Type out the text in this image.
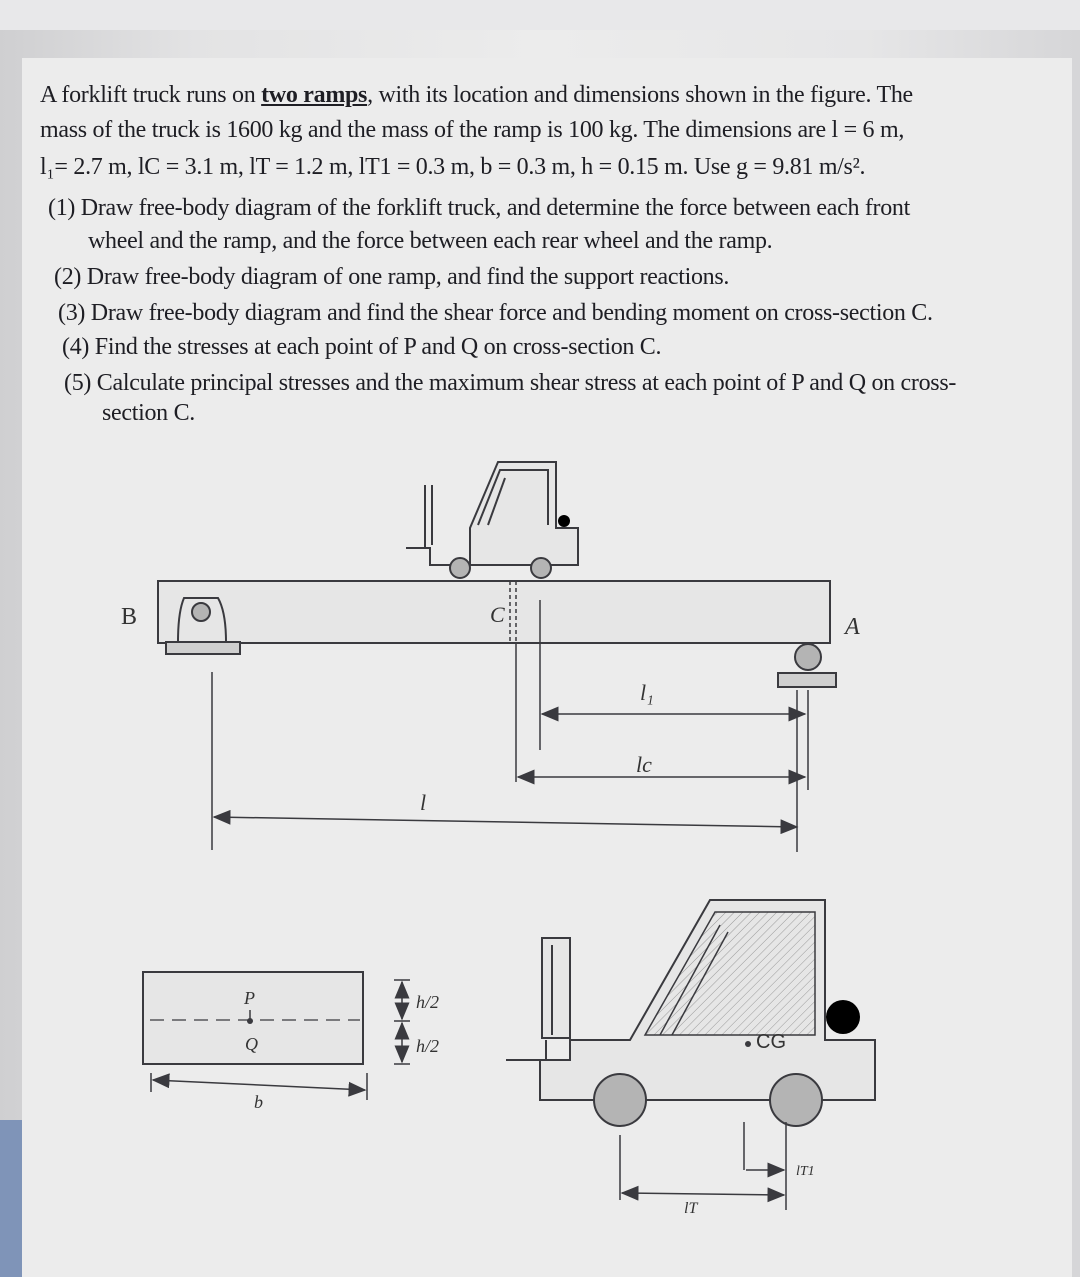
A forklift truck runs on two ramps, with its location and dimensions shown in the figure. The
mass of the truck is 1600 kg and the mass of the ramp is 100 kg. The dimensions are l = 6 m,
l₁= 2.7 m, lC = 3.1 m, lT = 1.2 m, lT1 = 0.3 m, b = 0.3 m, h = 0.15 m. Use g = 9.81 m/s².
(1) Draw free-body diagram of the forklift truck, and determine the force between each front
wheel and the ramp, and the force between each rear wheel and the ramp.
(2) Draw free-body diagram of one ramp, and find the support reactions.
(3) Draw free-body diagram and find the shear force and bending moment on cross-section C.
(4) Find the stresses at each point of P and Q on cross-section C.
(5) Calculate principal stresses and the maximum shear stress at each point of P and Q on cross-
section C.
B	A
C
l₁
lc
l
P
Q
b
h/2
h/2	CG
lT
lT1
